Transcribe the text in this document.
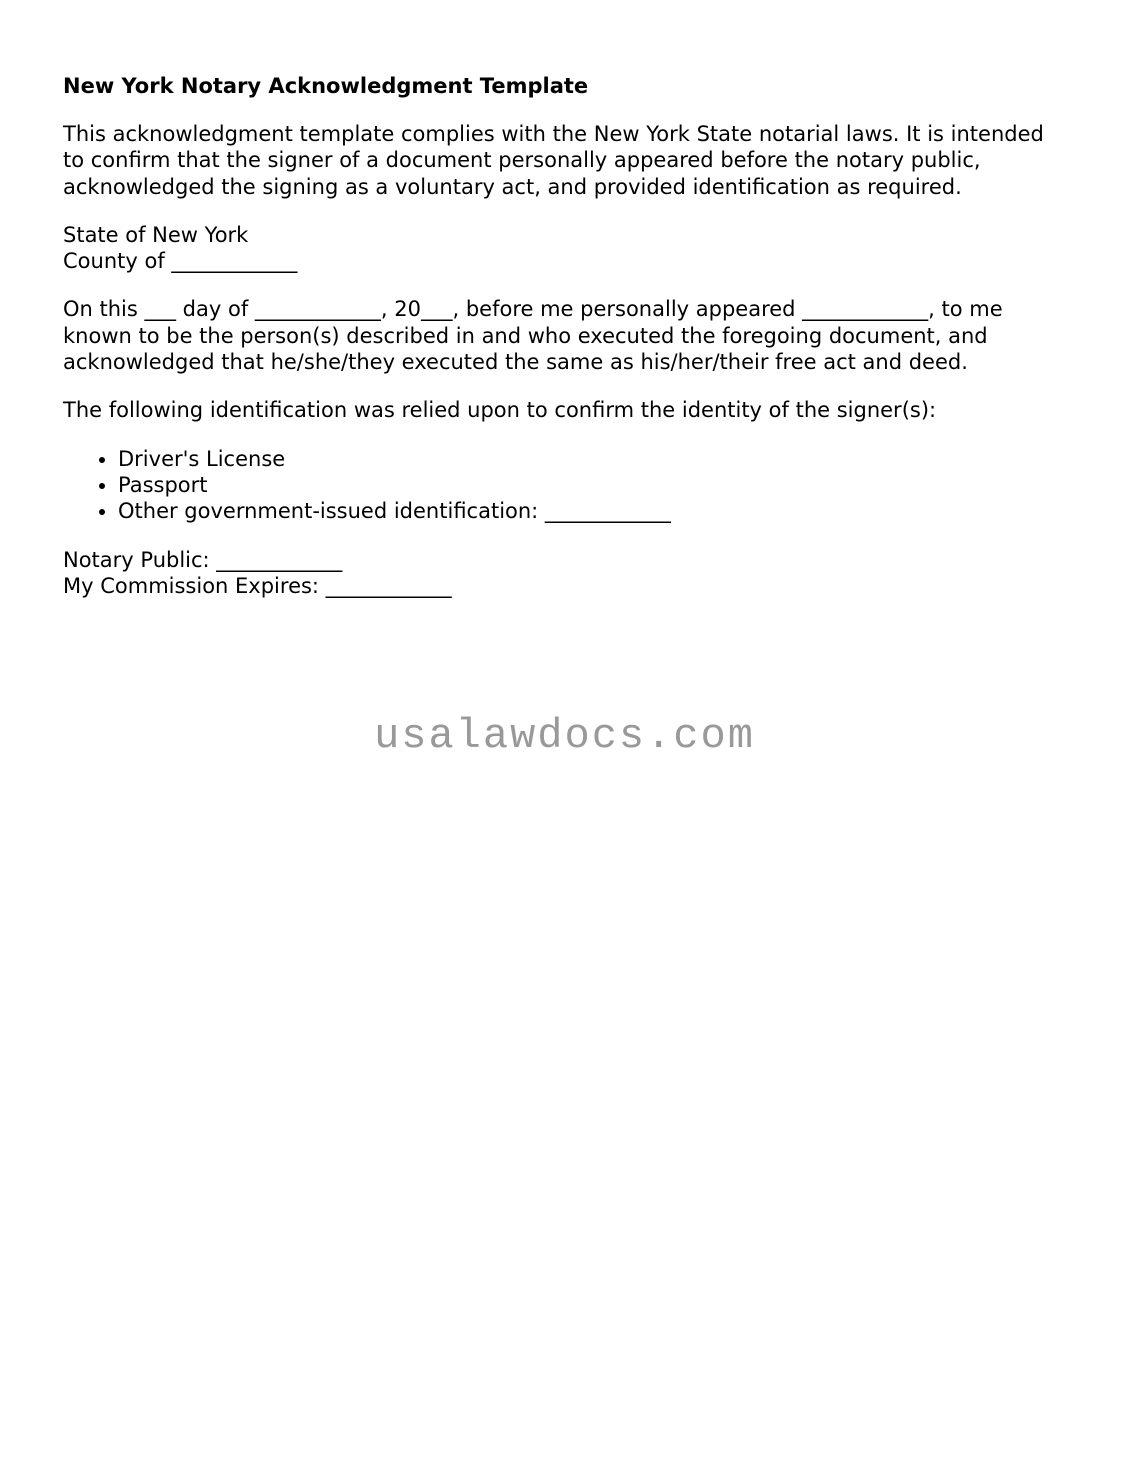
New York Notary Acknowledgment Template

This acknowledgment template complies with the New York State notarial laws. It is intended to confirm that the signer of a document personally appeared before the notary public, acknowledged the signing as a voluntary act, and provided identification as required.

State of New York
County of ____________

On this ___ day of ____________, 20___, before me personally appeared ____________, to me known to be the person(s) described in and who executed the foregoing document, and acknowledged that he/she/they executed the same as his/her/their free act and deed.

The following identification was relied upon to confirm the identity of the signer(s):

• Driver's License
• Passport
• Other government-issued identification: ____________

Notary Public: ____________
My Commission Expires: ____________

usalawdocs.com
